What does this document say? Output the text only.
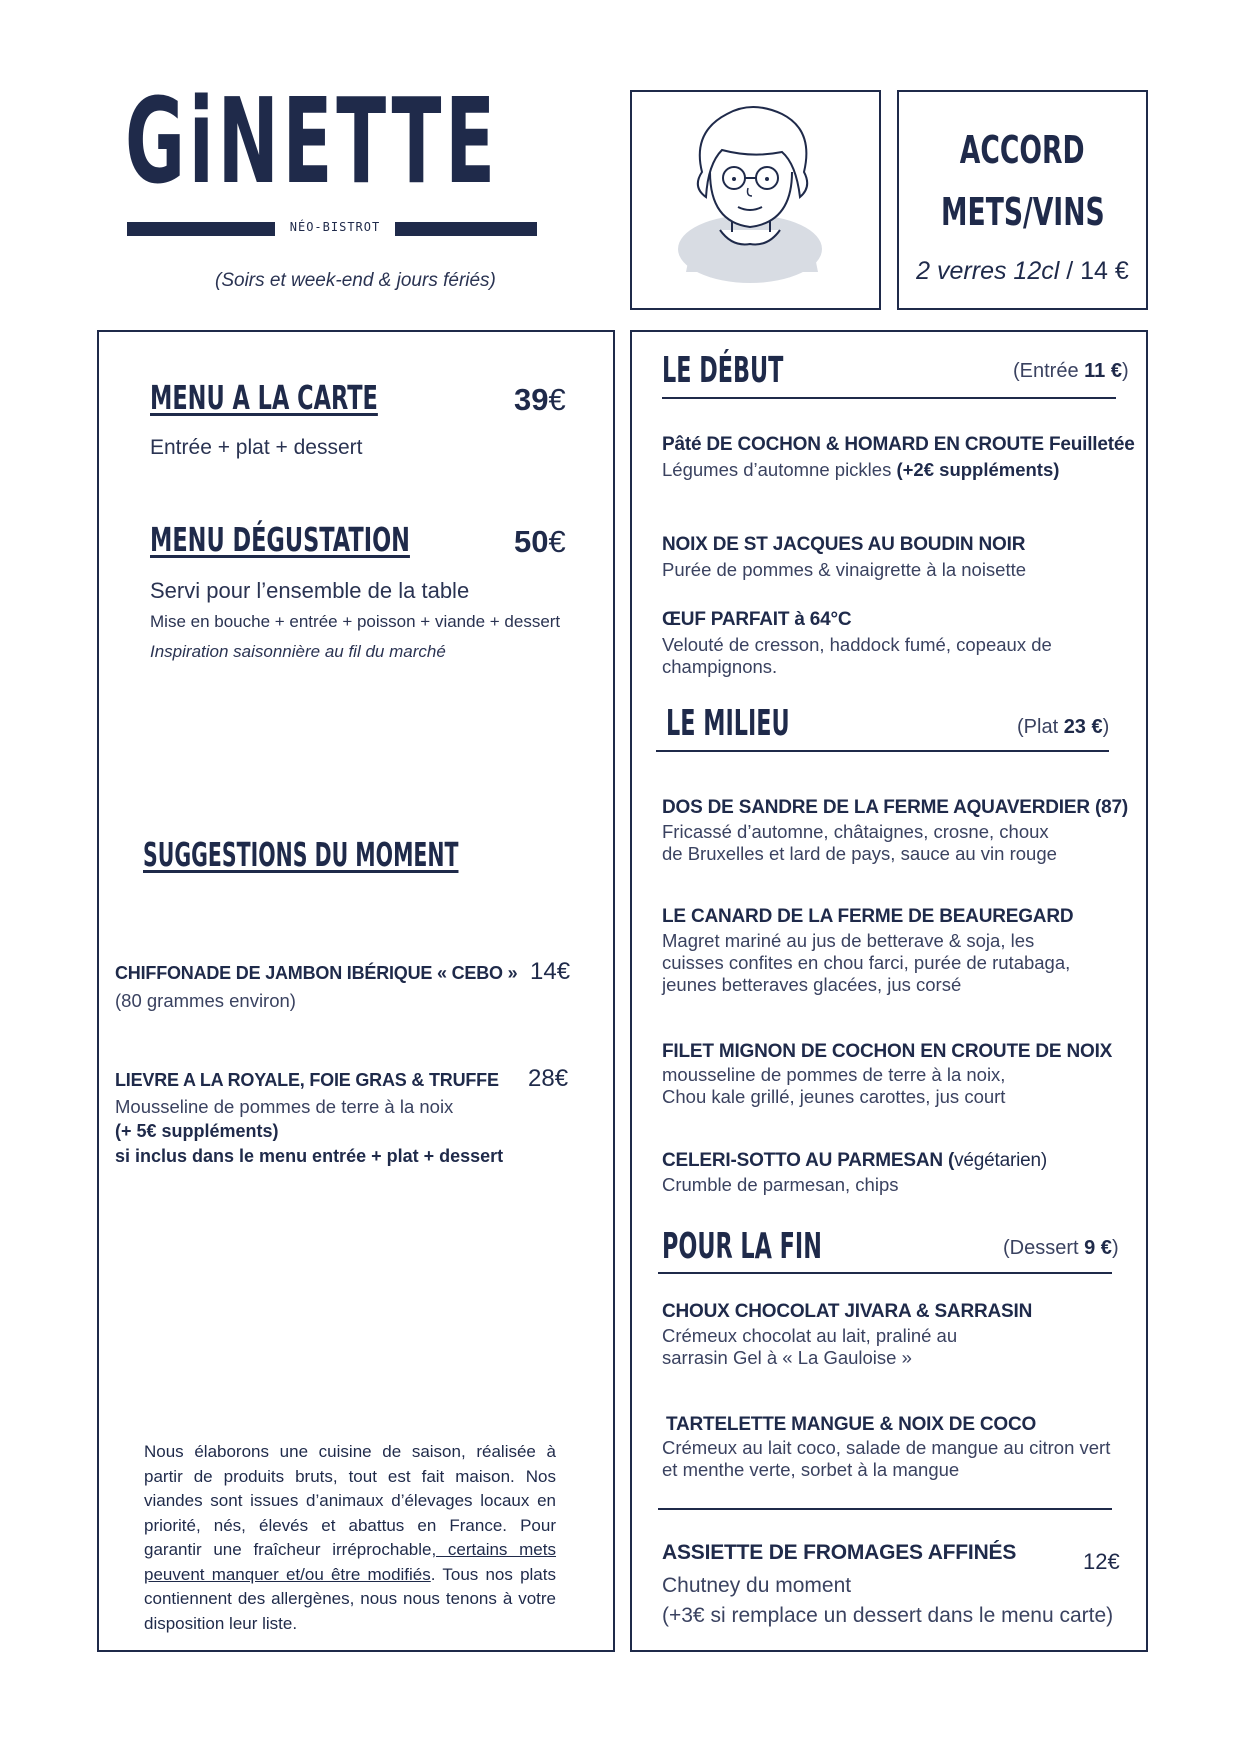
GiNETTE
NÉO-BISTROT
(Soirs et week-end & jours fériés)
ACCORD
METS/VINS
2 verres 12cl / 14 €
MENU A LA CARTE	39€
Entrée + plat + dessert
MENU DÉGUSTATION	50€
Servi pour l’ensemble de la table
Mise en bouche + entrée + poisson + viande + dessert
Inspiration saisonnière au fil du marché
SUGGESTIONS DU MOMENT
CHIFFONADE DE JAMBON IBÉRIQUE « CEBO » 14€
(80 grammes environ)
LIEVRE A LA ROYALE, FOIE GRAS & TRUFFE 28€
Mousseline de pommes de terre à la noix
(+ 5€ suppléments)
si inclus dans le menu entrée + plat + dessert
Nous élaborons une cuisine de saison, réalisée à partir de produits bruts, tout est fait maison. Nos viandes sont issues d’animaux d’élevages locaux en priorité, nés, élevés et abattus en France. Pour garantir une fraîcheur irréprochable, certains mets peuvent manquer et/ou être modifiés. Tous nos plats contiennent des allergènes, nous nous tenons à votre disposition leur liste.
LE DÉBUT	(Entrée 11 €)
Pâté DE COCHON & HOMARD EN CROUTE Feuilletée
Légumes d’automne pickles (+2€ suppléments)
NOIX DE ST JACQUES AU BOUDIN NOIR
Purée de pommes & vinaigrette à la noisette
ŒUF PARFAIT à 64°C
Velouté de cresson, haddock fumé, copeaux de champignons.
LE MILIEU	(Plat 23 €)
DOS DE SANDRE DE LA FERME AQUAVERDIER (87)
Fricassé d’automne, châtaignes, crosne, choux de Bruxelles et lard de pays, sauce au vin rouge
LE CANARD DE LA FERME DE BEAUREGARD
Magret mariné au jus de betterave & soja, les cuisses confites en chou farci, purée de rutabaga, jeunes betteraves glacées, jus corsé
FILET MIGNON DE COCHON EN CROUTE DE NOIX
mousseline de pommes de terre à la noix, Chou kale grillé, jeunes carottes, jus court
CELERI-SOTTO AU PARMESAN (végétarien)
Crumble de parmesan, chips
POUR LA FIN	(Dessert 9 €)
CHOUX CHOCOLAT JIVARA & SARRASIN
Crémeux chocolat au lait, praliné au sarrasin Gel à « La Gauloise »
TARTELETTE MANGUE & NOIX DE COCO
Crémeux au lait coco, salade de mangue au citron vert et menthe verte, sorbet à la mangue
ASSIETTE DE FROMAGES AFFINÉS	12€
Chutney du moment
(+3€ si remplace un dessert dans le menu carte)
